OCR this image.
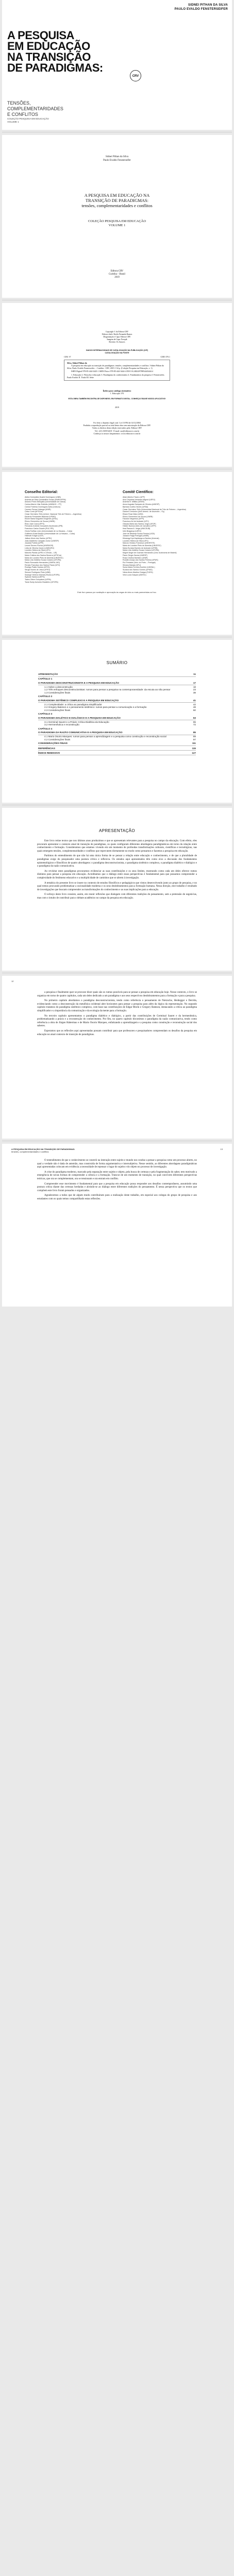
SIDNEI PITHAN DA SILVA
PAULO EVALDO FENSTERSEIFER
A PESQUISA
EM EDUCAÇÃO
NA TRANSIÇÃO
DE PARADIGMAS:
TENSÕES,
COMPLEMENTARIDADES
E CONFLITOS
COLEÇÃO PESQUISA EM EDUCAÇÃO
VOLUME 1
CRV
Sidnei Pithan da Silva
Paulo Evaldo Fensterseifer
A PESQUISA EM EDUCAÇÃO NA
TRANSIÇÃO DE PARADIGMAS:
tensões, complementaridades e conflitos
COLEÇÃO PESQUISA EM EDUCAÇÃO
VOLUME 1
Editora CRV
Curitiba – Brasil
2019
Copyright © da Editora CRV
Editora-chefe: Sheila Fernanda Ramos
Diagramação e Capa: Editora CRV
Imagem de Capa: Freepik
Revisão: Os Autores
DADOS INTERNACIONAIS DE CATALOGAÇÃO NA PUBLICAÇÃO (CIP)
CATALOGAÇÃO NA FONTE
CDU 37	CDD 370.1
Silva, Sidnei Pithan da
A pesquisa em educação na transição de paradigmas: tensões, complementaridades e conflitos / Sidnei Pithan da Silva, Paulo Evaldo Fensterseifer. – Curitiba : CRV, 2019. 134 p. (Coleção Pesquisa em Educação, v. 1)
ISBN Digital 978-85-444-3445-1 ISBN Físico 978-85-444-3444-4 DOI 10.24824/978854443444.4
1. Educação 2. Filosofia e educação 3. Paradigmas do conhecimento 4. Fundamentos da pesquisa I. Fensterseifer, Paulo Evaldo II. Título III. Série
Índice para catálogo sistemático
1. Educação 370
ESTA OBRA TAMBÉM ENCONTRA-SE DISPONÍVEL EM FORMATO DIGITAL. CONHEÇA E BAIXE NOSSO APLICATIVO!
2019
Foi feito o depósito legal conf. Lei 10.994 de 14/12/2004
Proibida a reprodução parcial ou total desta obra sem autorização da Editora CRV
Todos os direitos desta edição reservados pela: Editora CRV
Tel.: (41) 3039-6418 - E-mail: sac@editoracrv.com.br
Conheça os nossos lançamentos: www.editoracrv.com.br
Conselho Editorial:
Aldira Guimarães Duarte Domínguez (UNB)
Andréia da Silva Quintanilha Sousa (UNIR/UFRN)
Antonio Pedro Mesquita (Universidade de Lisboa)
Carlos Alberto Vilar Estêvão (UMINHO – PT)
Carlos Federico Dominguez Avila (Unieuro)
Carmen Tereza Velanga (UNIR)
Celso Conti (UFSCar)
Cesar Gerónimo Tello (Univer. Nacional Três de Febrero – Argentina)
Eduardo Fernandes Barbosa (UFMG)
Elione Maria Nogueira Diogenes (UFAL)
Elizeu Clementino de Souza (UNEB)
Élsio José Corá (UFFS)
Fernando Antônio Gonçalves Alcoforado (IPB)
Francisco Carlos Duarte (PUC-PR)
Gloria Fariñas León (Universidade de La Havana – Cuba)
Guillermo Arias Beatón (Universidade de La Havana – Cuba)
Helmuth Krüger (UCP)
Jailson Alves dos Santos (UFRJ)
João Adalberto Campato Junior (UNESP)
Josania Portela (UFPI)
Leonel Severo Rocha (UNISINOS)
Lídia de Oliveira Xavier (UNIEURO)
Lourdes Helena da Silva (UFV)
Marcelo Paixão (UFRJ e UTexas – US)
Maria Cristina dos Santos Bezerra (UFSCar)
Maria de Lourdes Pinto de Almeida (UNOESC)
Maria Lília Imbiriba Sousa Colares (UFOPA)
Paulo Romualdo Hernandes (UNIFAL-MG)
Renato Francisco dos Santos Paula (UFG)
Rodrigo Pratte-Santos (UFES)
Sérgio Nunes de Jesus (IFRO)
Simone Rodrigues Pinto (UNB)
Solange Helena Ximenes-Rocha (UFOPA)
Sydione Santos (UEPG)
Tadeu Oliver Gonçalves (UFPA)
Tania Suely Azevedo Brasileiro (UFOPA)
Comitê Científico:
Altair Alberto Fávero (UPF)
Ana Chrystina Venancio Mignot (UERJ)
Andréia N. Militão (UEMS)
Anna Augusta Sampaio de Oliveira (UNESP)
Barbara Coelho Neves (UFBA)
Cesar Gerónimo Tello (Universidad Nacional de Três de Febrero – Argentina)
Diosnel Centurion (Univ Americ. de Asunción – Py)
Eliane Rose Maio (UEM)
Elizeu Clementino de Souza (UNEB)
Fauston Negreiros (UFPI)
Francisco Ari de Andrade (UFC)
Gláucia Maria dos Santos Jorge (UFOP)
Helder Buenos Aires de Carvalho (UFPI)
Ilma Passos A. Veiga (UNICEUB)
Inês Bragança (UERJ)
José de Ribamar Sousa Pereira (UCB)
Jussara Fraga Portugal (UNEB)
Kilwangy Kya Kapitango-a-Samba (Unemat)
Lourdes Helena da Silva (UFV)
Marcos Vinicius Francisco (UNOESTE)
Maria de Lourdes Pinto de Almeida (UNOESC)
Maria Eurácia Barreto de Andrade (UFRB)
Maria Lília Imbiriba Sousa Colares (UFOPA)
Míguel Ángel de Guzmán Hernandez (Univ. Autónoma de Madrid)
Paulo Sérgio Garcia (UNESP)
Rosa Cristina Monteiro (UNIR)
Rodolfo Araújo dos Santos Pereira (UFMS)
Rui Trindade (Univ. do Porto – Portugal)
Silvana Malusá (UFU)
Sonia Maria Ferreira Koehler (UNISAL)
Suzana dos Santos Gomes (UFMG)
Vânia Alves Martins Chaigar (FURG)
Vera Lucia Gaspar (UDESC)
Este livro passou por avaliação e aprovação às cegas de dois ou mais pareceristas ad hoc.
SUMÁRIO
APRESENTAÇÃO	11
CAPÍTULO 1
O PARADIGMA DESCONSTRUCIONISTA E A PESQUISA EM EDUCAÇÃO	17
1.1 Sobre a desconstrução	18
1.2 Três enfoques desconstrucionistas: rumos para pensar a pesquisa na contemporaneidade: da escuta ao não pensar	23
1.3 Considerações finais	38
CAPÍTULO 2
O PARADIGMA SISTÊMICO COMPLEXO E A PESQUISA EM EDUCAÇÃO	41
2.1 Complexidade: a crítica ao paradigma simplificador	42
2.2 Gregory Bateson e o pensamento sistêmico: rumos para pensar a comunicação e a formação	48
2.3 Considerações finais	60
CAPÍTULO 3
O PARADIGMA DIALÉTICO E DIALÓGICO E A PESQUISA EM EDUCAÇÃO	63
3.1 Germinal Sauret e a Práxis: Crítica Dialética da Educação	65
3.2 Hermenêutica e reconstrução	72
CAPÍTULO 4
O PARADIGMA DA RAZÃO COMUNICATIVA E A PESQUISA EM EDUCAÇÃO	85
4.1 Mario Osorio Marques: rumos para pensar a aprendizagem e a pesquisa como construção e reconstrução social	89
4.2 Considerações finais	97
CONSIDERAÇÕES FINAIS	111
REFERÊNCIAS	115
ÍNDICE REMISSIVO	127
APRESENTAÇÃO

Este livro reúne textos que nos últimos anos produzimos e que se apresentam relevantes para a pesquisa no campo da educação. Com efeito, eles procuram apresentar o contexto atual de transição de paradigmas, os quais configuram diferentes abordagens paradigmáticas em torno da relação entre conhecimento e formação. Consideramos que estamos vivendo em um momento de profundas transformações culturais, científicas e tecnológicas, nas quais emergem tensões, complementaridades e conflitos que repercutem diretamente no modo como pensamos e fazemos a pesquisa em educação.

Partimos do entendimento de que não há uma única forma de se pensar a relação entre educação e conhecimento, e de que a pluralidade de paradigmas exige do pesquisador uma postura crítica e reflexiva. Os estudos aqui apresentados têm como eixo a discussão dos fundamentos epistemológicos e filosóficos de quatro abordagens: o paradigma desconstrucionista, o paradigma sistêmico complexo, o paradigma dialético e dialógico e o paradigma da razão comunicativa.

Ao revisitar estes paradigmas procuramos evidenciar as suas contribuições e os seus limites, mostrando como cada um deles oferece rumos distintos para pensar a pesquisa em educação. Acreditamos que o diálogo entre essas perspectivas é fundamental para que possamos compreender a complexidade do fenômeno educativo e a multiplicidade de caminhos que se abrem à investigação.

A temática do presente livro se insere no contexto de estudos filosóficos e pedagógicos que vimos desenvolvendo junto ao grupo de pesquisa, e no qual temos procurado problematizar a racionalidade moderna e os seus desdobramentos para a formação humana. Nessa direção, este trabalho é resultado de investigações que buscam compreender as transformações do conhecimento e as suas implicações para a educação.

O esforço deste livro consiste, assim, em reunir reflexões que dialogam com diferentes tradições do pensamento, sem a pretensão de esgotá-las, mas com o intuito de contribuir para o debate acadêmico no campo da pesquisa em educação.

12

a pesquisa e finalmente quer se procurar dizer quais são os rumos possíveis para se pensar a pesquisa em educação hoje. Nesse contexto, o livro se organiza em torno de quatro capítulos, cada um deles dedicado a um paradigma e aos seus respectivos desdobramentos para a formação e para a pesquisa.

No primeiro capítulo abordamos o paradigma desconstrucionista, tendo como referência o pensamento de Nietzsche, Heidegger e Derrida, evidenciando como a desconstrução da metafísica ocidental abre horizontes para pensar a pesquisa para além da lógica da representação. No segundo capítulo tratamos do paradigma sistêmico complexo, com base nas contribuições de Edgar Morin e Gregory Bateson, destacando a crítica ao paradigma simplificador e a importância da comunicação e da ecologia da mente para a formação.

No terceiro capítulo apresentamos o paradigma dialético e dialógico, a partir das contribuições de Germinal Sauret e da hermenêutica, problematizando a práxis e a reconstrução do conhecimento. Por fim, no quarto capítulo discutimos o paradigma da razão comunicativa, tendo como referência a obra de Jürgen Habermas e de Mario Osorio Marques, enfatizando a aprendizagem e a pesquisa como construção e reconstrução social dos saberes.

Esperamos que as reflexões aqui apresentadas possam contribuir para que professores e pesquisadores compreendam os desafios da pesquisa em educação no atual contexto de transição de paradigmas.

A PESQUISA EM EDUCAÇÃO NA TRANSIÇÃO DE PARADIGMAS:
tensões, complementaridades e conflitos
13

O entendimento de que o conhecimento se constrói na interação entre sujeito e mundo nos conduz a pensar a pesquisa como um processo aberto, no qual a verdade não é dada de antemão, mas construída de forma argumentativa e intersubjetiva. Nesse sentido, as diferentes abordagens paradigmáticas aqui apresentadas colocam em evidência a necessidade de repensar o lugar do sujeito e do objeto no processo de investigação.

A crise do paradigma moderno, marcado pela separação entre sujeito e objeto, pela busca de certezas e pela fragmentação do saber, tem motivado a emergência de novas formas de compreender a ciência e a formação. Trata-se de um momento de transição, no qual convivem diferentes perspectivas teóricas, que ora se complementam, ora se tensionam e ora entram em conflito.

Compreender esse movimento é fundamental para que a pesquisa em educação possa responder aos desafios contemporâneos, assumindo uma postura crítica diante das certezas herdadas e abrindo-se ao diálogo entre diferentes tradições do pensamento. É nessa perspectiva que os textos que compõem este livro foram pensados e organizados.

Agradecemos a todos que de algum modo contribuíram para a realização deste trabalho, em especial aos colegas do grupo de pesquisa e aos estudantes com os quais temos compartilhado estas reflexões.
